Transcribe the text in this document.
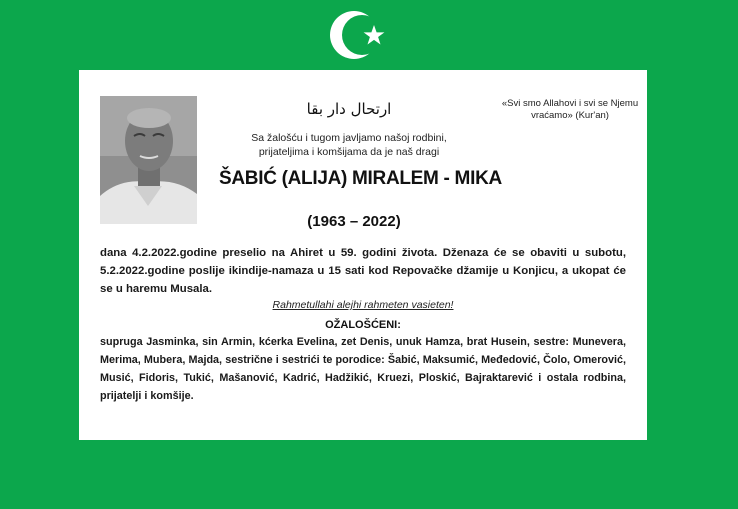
ارتحال دار بقا	«Svi smo Allahovi i svi se Njemu vraćamo» (Kur'an)
Sa žalošću i tugom javljamo našoj rodbini,
prijateljima i komšijama da je naš dragi
ŠABIĆ (ALIJA) MIRALEM - MIKA
(1963 – 2022)
dana 4.2.2022.godine preselio na Ahiret u 59. godini života. Dženaza će se obaviti u subotu, 5.2.2022.godine poslije ikindije-namaza u 15 sati kod Repovačke džamije u Konjicu, a ukopat će se u haremu Musala.
Rahmetullahi alejhi rahmeten vasieten!
OŽALOŠĆENI:
supruga Jasminka, sin Armin, kćerka Evelina, zet Denis, unuk Hamza, brat Husein, sestre: Munevera, Merima, Mubera, Majda, sestrične i sestrići te porodice: Šabić, Maksumić, Međedović, Čolo, Omerović, Musić, Fidoris, Tukić, Mašanović, Kadrić, Hadžikić, Kruezi, Ploskić, Bajraktarević i ostala rodbina, prijatelji i komšije.
